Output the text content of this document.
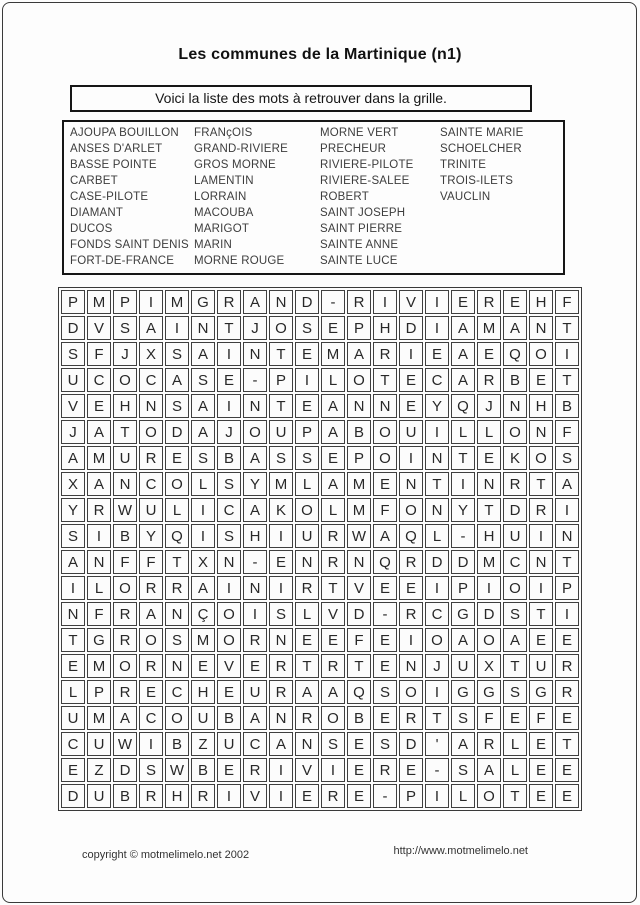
Les communes de la Martinique (n1)
Voici la liste des mots à retrouver dans la grille.
AJOUPA BOUILLON
ANSES D'ARLET
BASSE POINTE
CARBET
CASE-PILOTE
DIAMANT
DUCOS
FONDS SAINT DENIS
FORT-DE-FRANCE
FRANçOIS
GRAND-RIVIERE
GROS MORNE
LAMENTIN
LORRAIN
MACOUBA
MARIGOT
MARIN
MORNE ROUGE
MORNE VERT
PRECHEUR
RIVIERE-PILOTE
RIVIERE-SALEE
ROBERT
SAINT JOSEPH
SAINT PIERRE
SAINTE ANNE
SAINTE LUCE
SAINTE MARIE
SCHOELCHER
TRINITE
TROIS-ILETS
VAUCLIN
P	M	P	I	M	G	R	A	N	D	-	R	I	V	I	E	R	E	H	F
D	V	S	A	I	N	T	J	O	S	E	P	H	D	I	A	M	A	N	T
S	F	J	X	S	A	I	N	T	E	M	A	R	I	E	A	E	Q	O	I
U	C	O	C	A	S	E	-	P	I	L	O	T	E	C	A	R	B	E	T
V	E	H	N	S	A	I	N	T	E	A	N	N	E	Y	Q	J	N	H	B
J	A	T	O	D	A	J	O	U	P	A	B	O	U	I	L	L	O	N	F
A	M	U	R	E	S	B	A	S	S	E	P	O	I	N	T	E	K	O	S
X	A	N	C	O	L	S	Y	M	L	A	M	E	N	T	I	N	R	T	A
Y	R	W	U	L	I	C	A	K	O	L	M	F	O	N	Y	T	D	R	I
S	I	B	Y	Q	I	S	H	I	U	R	W	A	Q	L	-	H	U	I	N
A	N	F	F	T	X	N	-	E	N	R	N	Q	R	D	D	M	C	N	T
I	L	O	R	R	A	I	N	I	R	T	V	E	E	I	P	I	O	I	P
N	F	R	A	N	Ç	O	I	S	L	V	D	-	R	C	G	D	S	T	I
T	G	R	O	S	M	O	R	N	E	E	F	E	I	O	A	O	A	E	E
E	M	O	R	N	E	V	E	R	T	R	T	E	N	J	U	X	T	U	R
L	P	R	E	C	H	E	U	R	A	A	Q	S	O	I	G	G	S	G	R
U	M	A	C	O	U	B	A	N	R	O	B	E	R	T	S	F	E	F	E
C	U	W	I	B	Z	U	C	A	N	S	E	S	D	'	A	R	L	E	T
E	Z	D	S	W	B	E	R	I	V	I	E	R	E	-	S	A	L	E	E
D	U	B	R	H	R	I	V	I	E	R	E	-	P	I	L	O	T	E	E
copyright © motmelimelo.net 2002	http://www.motmelimelo.net
